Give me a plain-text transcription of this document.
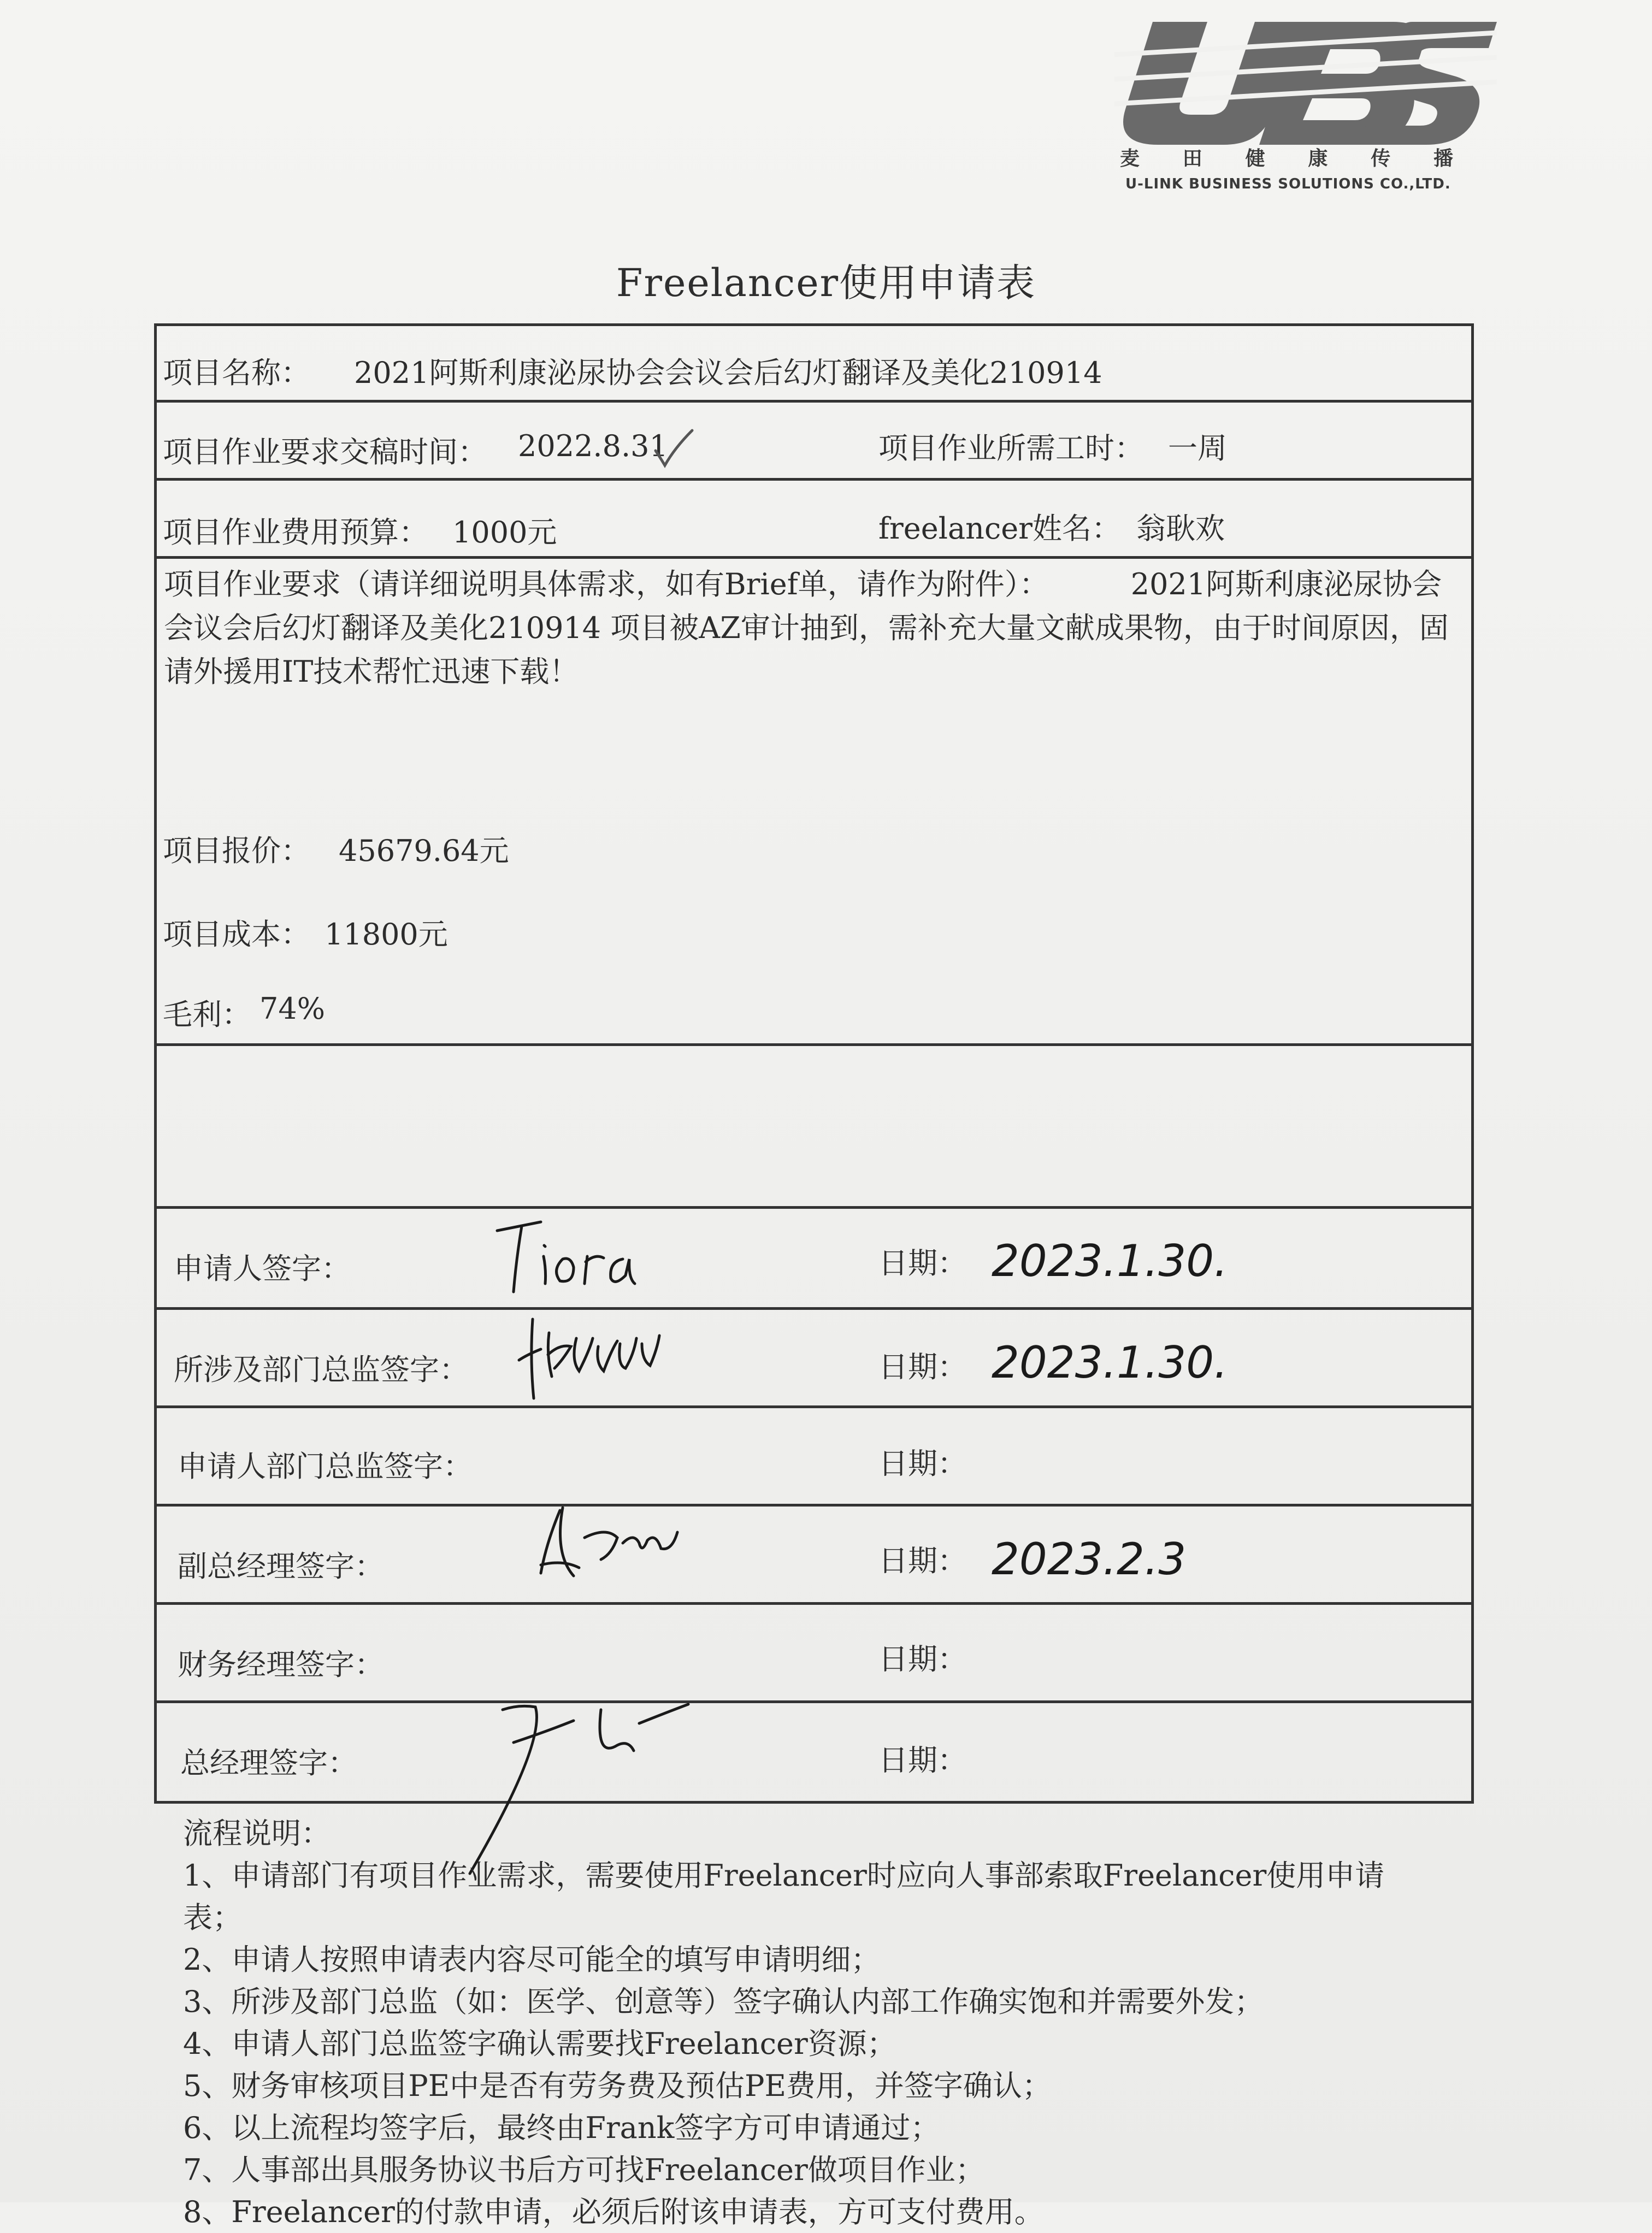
麦 田 健 康 传 播
U-LINK BUSINESS SOLUTIONS CO.,LTD.
Freelancer使用申请表
项目名称： 2021阿斯利康泌尿协会会议会后幻灯翻译及美化210914
项目作业要求交稿时间： 2022.8.31	项目作业所需工时： 一周
项目作业费用预算： 1000元	freelancer姓名： 翁耿欢
项目作业要求（请详细说明具体需求，如有Brief单，请作为附件）：	2021阿斯利康泌尿协会会议会后幻灯翻译及美化210914 项目被AZ审计抽到，需补充大量文献成果物，由于时间原因，固请外援用IT技术帮忙迅速下载！
项目报价： 45679.64元
项目成本： 11800元
毛利： 74%
申请人签字：	日期： 2023.1.30.
所涉及部门总监签字：	日期： 2023.1.30.
申请人部门总监签字：	日期：
副总经理签字：	日期： 2023.2.3
财务经理签字：	日期：
总经理签字：	日期：
流程说明：
1、申请部门有项目作业需求，需要使用Freelancer时应向人事部索取Freelancer使用申请表；
2、申请人按照申请表内容尽可能全的填写申请明细；
3、所涉及部门总监（如：医学、创意等）签字确认内部工作确实饱和并需要外发；
4、申请人部门总监签字确认需要找Freelancer资源；
5、财务审核项目PE中是否有劳务费及预估PE费用，并签字确认；
6、以上流程均签字后，最终由Frank签字方可申请通过；
7、人事部出具服务协议书后方可找Freelancer做项目作业；
8、Freelancer的付款申请，必须后附该申请表，方可支付费用。
